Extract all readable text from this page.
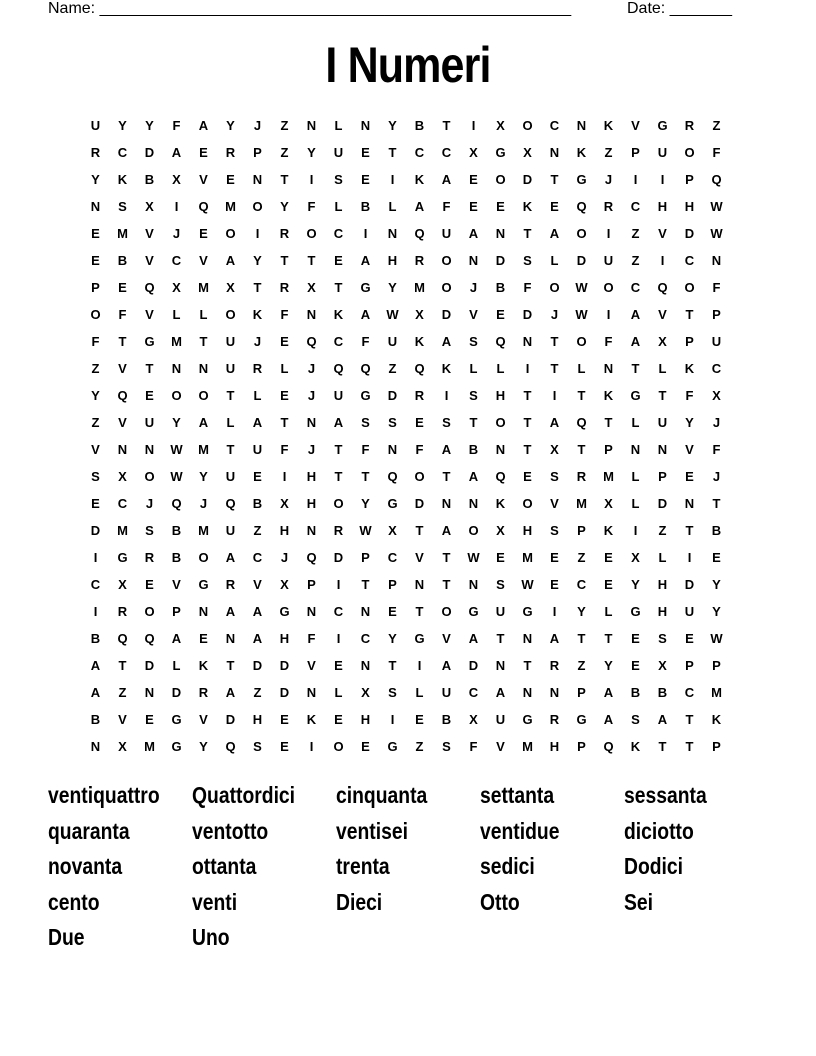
Name: _____________________________________________________	Date: _______
I Numeri
U	Y	Y	F	A	Y	J	Z	N	L	N	Y	B	T	I	X	O	C	N	K	V	G	R	Z
R	C	D	A	E	R	P	Z	Y	U	E	T	C	C	X	G	X	N	K	Z	P	U	O	F
Y	K	B	X	V	E	N	T	I	S	E	I	K	A	E	O	D	T	G	J	I	I	P	Q
N	S	X	I	Q	M	O	Y	F	L	B	L	A	F	E	E	K	E	Q	R	C	H	H	W
E	M	V	J	E	O	I	R	O	C	I	N	Q	U	A	N	T	A	O	I	Z	V	D	W
E	B	V	C	V	A	Y	T	T	E	A	H	R	O	N	D	S	L	D	U	Z	I	C	N
P	E	Q	X	M	X	T	R	X	T	G	Y	M	O	J	B	F	O	W	O	C	Q	O	F
O	F	V	L	L	O	K	F	N	K	A	W	X	D	V	E	D	J	W	I	A	V	T	P
F	T	G	M	T	U	J	E	Q	C	F	U	K	A	S	Q	N	T	O	F	A	X	P	U
Z	V	T	N	N	U	R	L	J	Q	Q	Z	Q	K	L	L	I	T	L	N	T	L	K	C
Y	Q	E	O	O	T	L	E	J	U	G	D	R	I	S	H	T	I	T	K	G	T	F	X
Z	V	U	Y	A	L	A	T	N	A	S	S	E	S	T	O	T	A	Q	T	L	U	Y	J
V	N	N	W	M	T	U	F	J	T	F	N	F	A	B	N	T	X	T	P	N	N	V	F
S	X	O	W	Y	U	E	I	H	T	T	Q	O	T	A	Q	E	S	R	M	L	P	E	J
E	C	J	Q	J	Q	B	X	H	O	Y	G	D	N	N	K	O	V	M	X	L	D	N	T
D	M	S	B	M	U	Z	H	N	R	W	X	T	A	O	X	H	S	P	K	I	Z	T	B
I	G	R	B	O	A	C	J	Q	D	P	C	V	T	W	E	M	E	Z	E	X	L	I	E
C	X	E	V	G	R	V	X	P	I	T	P	N	T	N	S	W	E	C	E	Y	H	D	Y
I	R	O	P	N	A	A	G	N	C	N	E	T	O	G	U	G	I	Y	L	G	H	U	Y
B	Q	Q	A	E	N	A	H	F	I	C	Y	G	V	A	T	N	A	T	T	E	S	E	W
A	T	D	L	K	T	D	D	V	E	N	T	I	A	D	N	T	R	Z	Y	E	X	P	P
A	Z	N	D	R	A	Z	D	N	L	X	S	L	U	C	A	N	N	P	A	B	B	C	M
B	V	E	G	V	D	H	E	K	E	H	I	E	B	X	U	G	R	G	A	S	A	T	K
N	X	M	G	Y	Q	S	E	I	O	E	G	Z	S	F	V	M	H	P	Q	K	T	T	P
ventiquattro	Quattordici	cinquanta	settanta	sessanta
quaranta	ventotto	ventisei	ventidue	diciotto
novanta	ottanta	trenta	sedici	Dodici
cento	venti	Dieci	Otto	Sei
Due	Uno
